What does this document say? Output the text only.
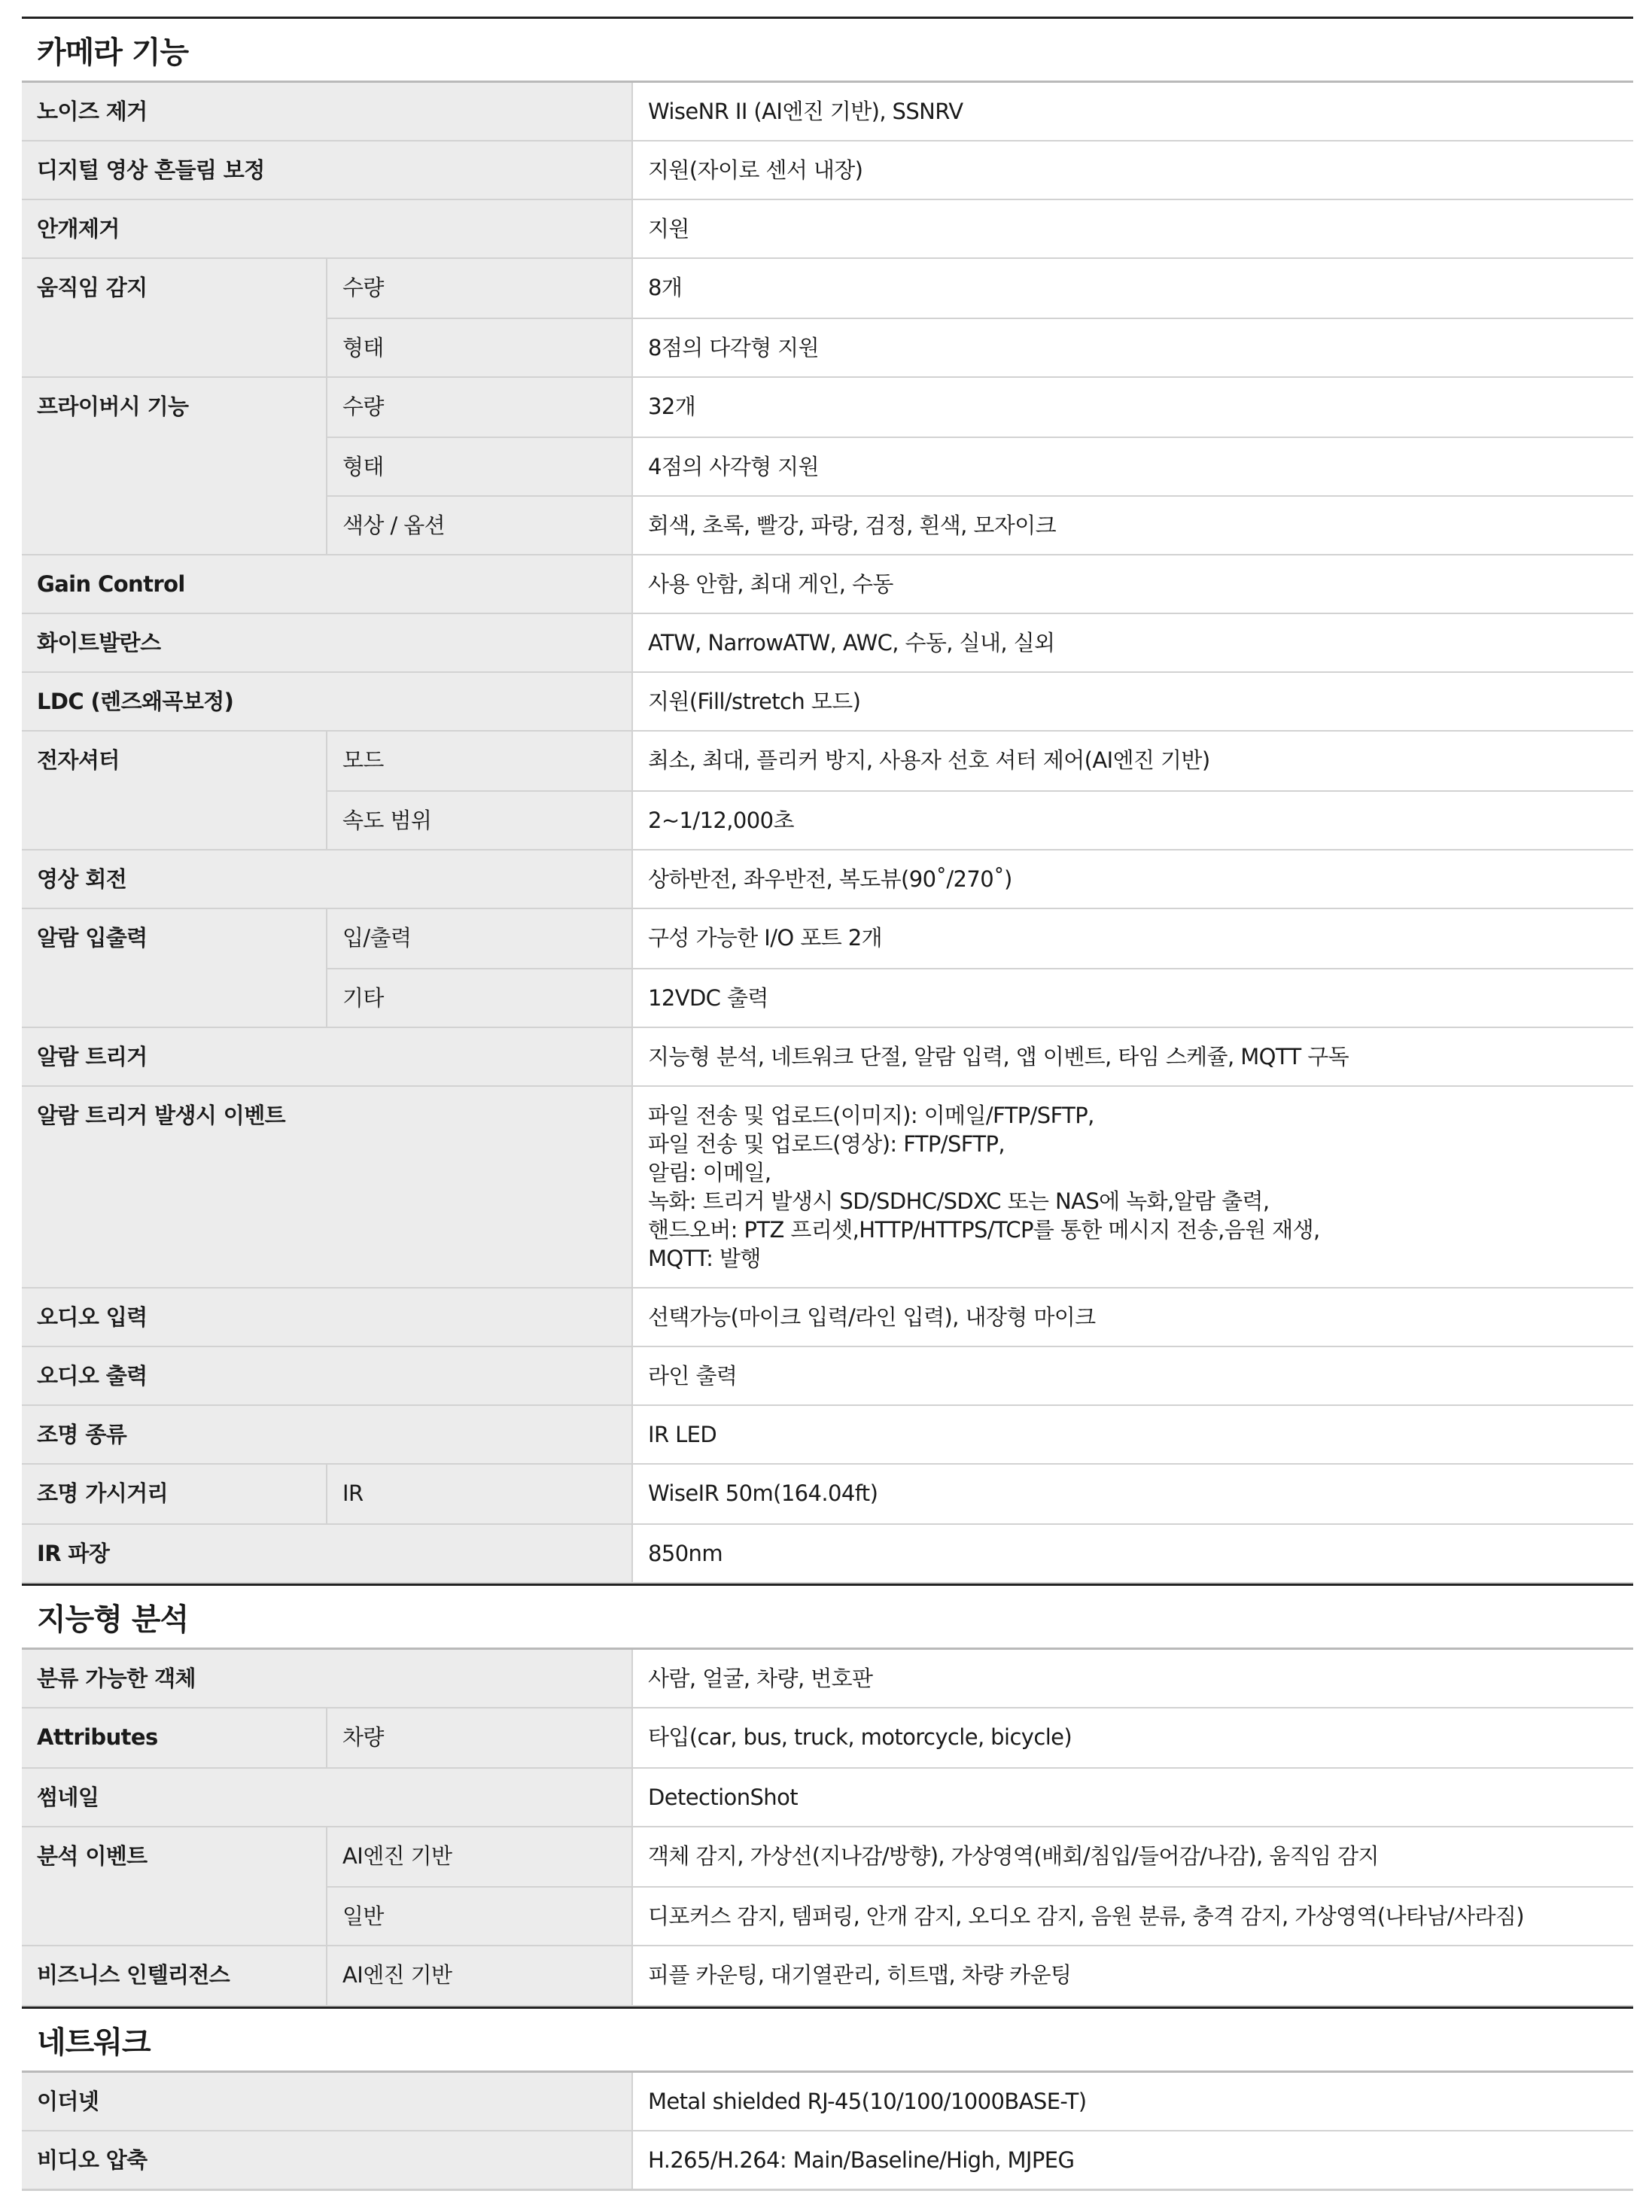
카메라 기능
노이즈 제거	WiseNR II (AI엔진 기반), SSNRV
디지털 영상 흔들림 보정	지원(자이로 센서 내장)
안개제거	지원
움직임 감지	수량	8개
형태	8점의 다각형 지원
프라이버시 기능	수량	32개
형태	4점의 사각형 지원
색상 / 옵션	회색, 초록, 빨강, 파랑, 검정, 흰색, 모자이크
Gain Control	사용 안함, 최대 게인, 수동
화이트발란스	ATW, NarrowATW, AWC, 수동, 실내, 실외
LDC (렌즈왜곡보정)	지원(Fill/stretch 모드)
전자셔터	모드	최소, 최대, 플리커 방지, 사용자 선호 셔터 제어(AI엔진 기반)
속도 범위	2~1/12,000초
영상 회전	상하반전, 좌우반전, 복도뷰(90˚/270˚)
알람 입출력	입/출력	구성 가능한 I/O 포트 2개
기타	12VDC 출력
알람 트리거	지능형 분석, 네트워크 단절, 알람 입력, 앱 이벤트, 타임 스케쥴, MQTT 구독
알람 트리거 발생시 이벤트	파일 전송 및 업로드(이미지): 이메일/FTP/SFTP,
파일 전송 및 업로드(영상): FTP/SFTP,
알림: 이메일,
녹화: 트리거 발생시 SD/SDHC/SDXC 또는 NAS에 녹화,알람 출력,
핸드오버: PTZ 프리셋,HTTP/HTTPS/TCP를 통한 메시지 전송,음원 재생,
MQTT: 발행
오디오 입력	선택가능(마이크 입력/라인 입력), 내장형 마이크
오디오 출력	라인 출력
조명 종류	IR LED
조명 가시거리	IR	WiseIR 50m(164.04ft)
IR 파장	850nm
지능형 분석
분류 가능한 객체	사람, 얼굴, 차량, 번호판
Attributes	차량	타입(car, bus, truck, motorcycle, bicycle)
썸네일	DetectionShot
분석 이벤트	AI엔진 기반	객체 감지, 가상선(지나감/방향), 가상영역(배회/침입/들어감/나감), 움직임 감지
일반	디포커스 감지, 템퍼링, 안개 감지, 오디오 감지, 음원 분류, 충격 감지, 가상영역(나타남/사라짐)
비즈니스 인텔리전스	AI엔진 기반	피플 카운팅, 대기열관리, 히트맵, 차량 카운팅
네트워크
이더넷	Metal shielded RJ-45(10/100/1000BASE-T)
비디오 압축	H.265/H.264: Main/Baseline/High, MJPEG
